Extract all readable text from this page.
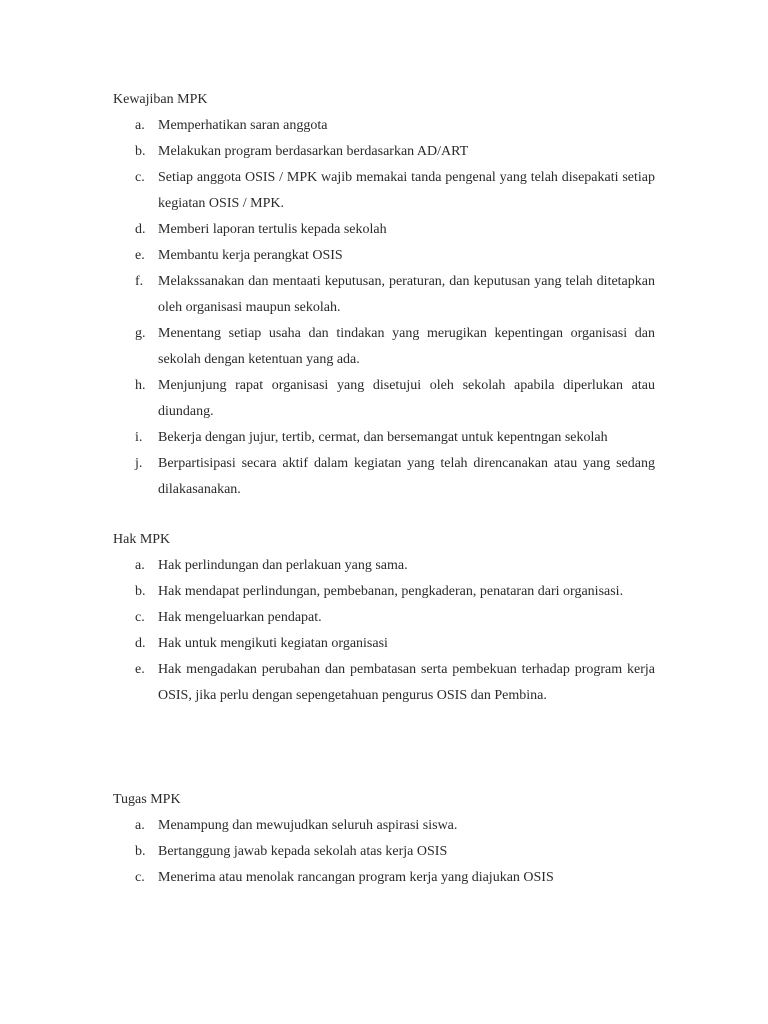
Kewajiban MPK
a. Memperhatikan saran anggota
b. Melakukan program berdasarkan berdasarkan AD/ART
c. Setiap anggota OSIS / MPK wajib memakai tanda pengenal yang telah disepakati setiap kegiatan OSIS / MPK.
d. Memberi laporan tertulis kepada sekolah
e. Membantu kerja perangkat OSIS
f.	Melakssanakan dan mentaati keputusan, peraturan, dan keputusan yang telah ditetapkan oleh organisasi maupun sekolah.
g. Menentang setiap usaha dan tindakan yang merugikan kepentingan organisasi dan sekolah dengan ketentuan yang ada.
h. Menjunjung rapat organisasi yang disetujui oleh sekolah apabila diperlukan atau diundang.
i.	Bekerja dengan jujur, tertib, cermat, dan bersemangat untuk kepentngan sekolah
j.	Berpartisipasi secara aktif dalam kegiatan yang telah direncanakan atau yang sedang dilakasanakan.
Hak MPK
a. Hak perlindungan dan perlakuan yang sama.
b. Hak mendapat perlindungan, pembebanan, pengkaderan, penataran dari organisasi.
c. Hak mengeluarkan pendapat.
d. Hak untuk mengikuti kegiatan organisasi
e. Hak mengadakan perubahan dan pembatasan serta pembekuan terhadap program kerja OSIS, jika perlu dengan sepengetahuan pengurus OSIS dan Pembina.
Tugas MPK
a. Menampung dan mewujudkan seluruh aspirasi siswa.
b. Bertanggung jawab kepada sekolah atas kerja OSIS
c. Menerima atau menolak rancangan program kerja yang diajukan OSIS
